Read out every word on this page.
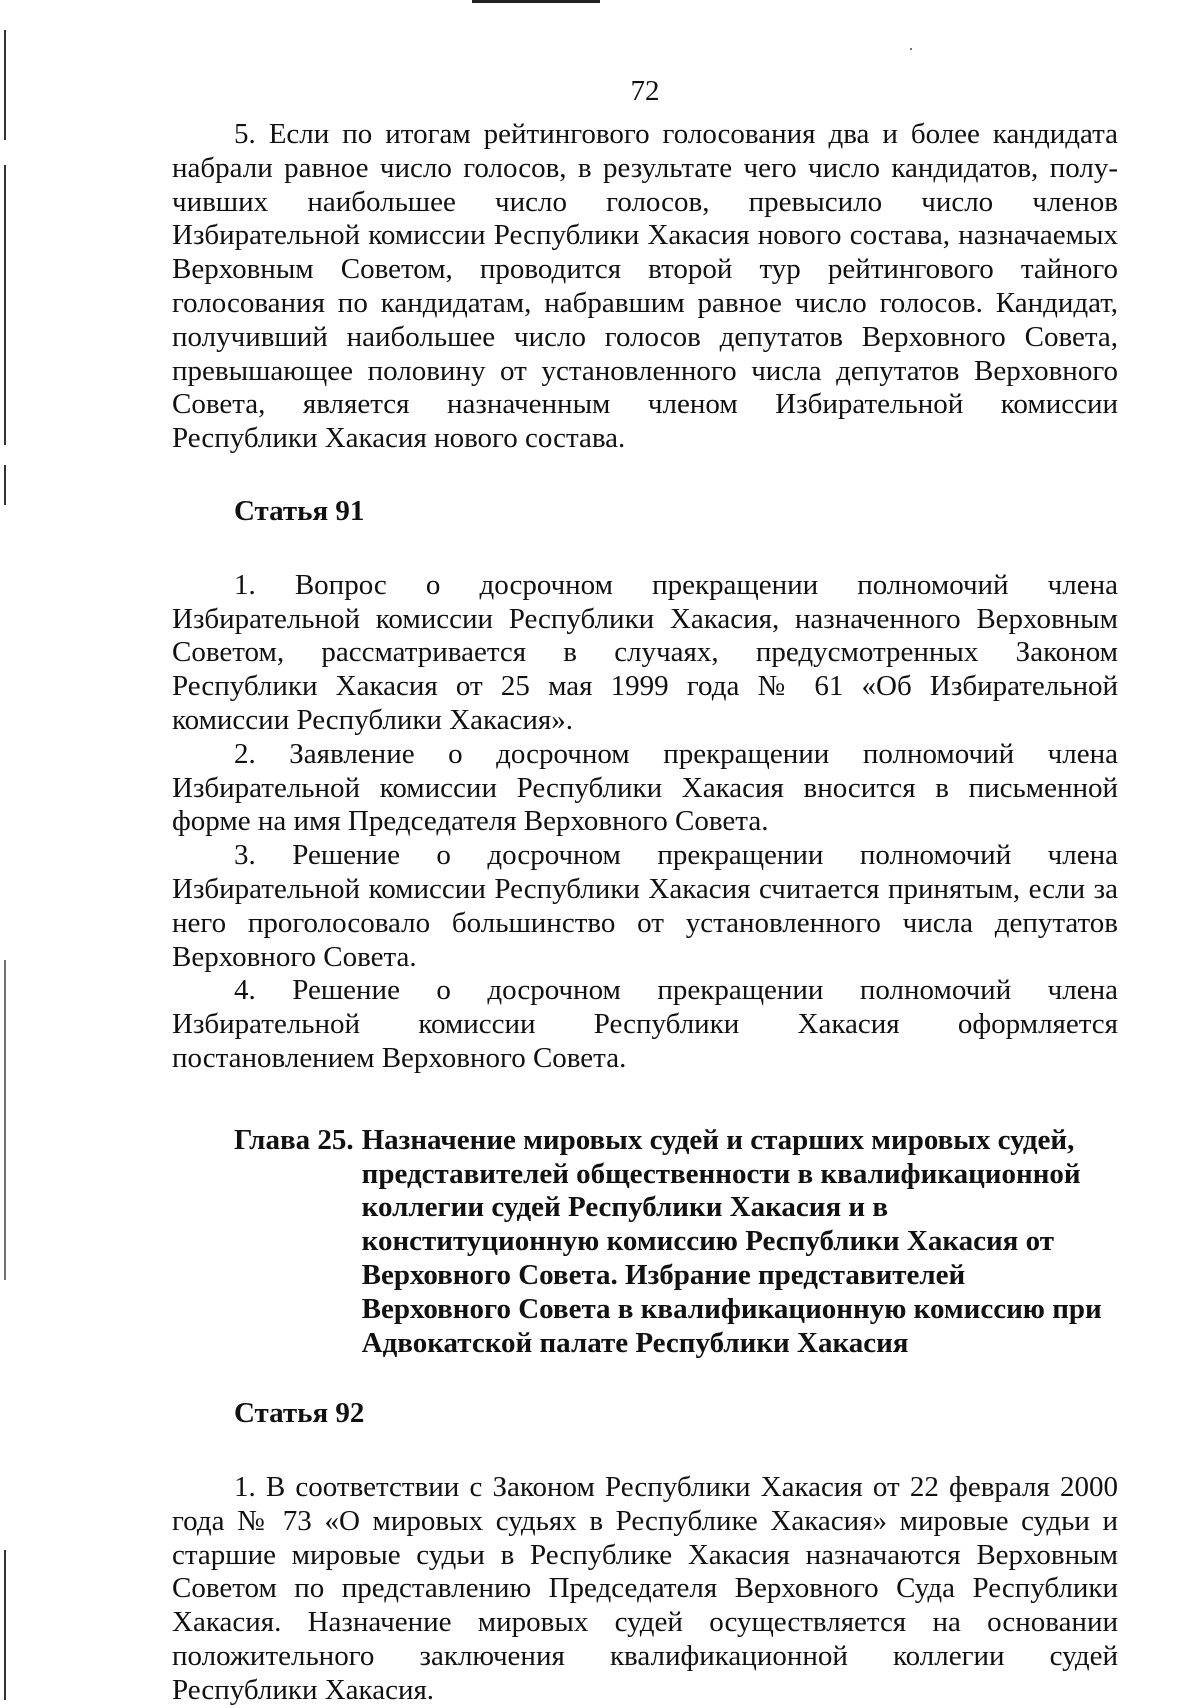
72

5. Если по итогам рейтингового голосования два и более кандидата набрали равное число голосов, в результате чего число кандидатов, получивших наибольшее число голосов, превысило число членов Избирательной комиссии Республики Хакасия нового состава, назначаемых Верховным Советом, проводится второй тур рейтингового тайного голосования по кандидатам, набравшим равное число голосов. Кандидат, получивший наибольшее число голосов депутатов Верховного Совета, превышающее половину от установленного числа депутатов Верховного Совета, является назначенным членом Избирательной комиссии Республики Хакасия нового состава.

Статья 91

1. Вопрос о досрочном прекращении полномочий члена Избирательной комиссии Республики Хакасия, назначенного Верховным Советом, рассматривается в случаях, предусмотренных Законом Республики Хакасия от 25 мая 1999 года № 61 «Об Избирательной комиссии Республики Хакасия».

2. Заявление о досрочном прекращении полномочий члена Избирательной комиссии Республики Хакасия вносится в письменной форме на имя Председателя Верховного Совета.

3. Решение о досрочном прекращении полномочий члена Избирательной комиссии Республики Хакасия считается принятым, если за него проголосовало большинство от установленного числа депутатов Верховного Совета.

4. Решение о досрочном прекращении полномочий члена Избирательной комиссии Республики Хакасия оформляется постановлением Верховного Совета.

Глава 25. Назначение мировых судей и старших мировых судей, представителей общественности в квалификационной коллегии судей Республики Хакасия и в конституционную комиссию Республики Хакасия от Верховного Совета. Избрание представителей Верховного Совета в квалификационную комиссию при Адвокатской палате Республики Хакасия

Статья 92

1. В соответствии с Законом Республики Хакасия от 22 февраля 2000 года № 73 «О мировых судьях в Республике Хакасия» мировые судьи и старшие мировые судьи в Республике Хакасия назначаются Верховным Советом по представлению Председателя Верховного Суда Республики Хакасия. Назначение мировых судей осуществляется на основании положительного заключения квалификационной коллегии судей Республики Хакасия.
